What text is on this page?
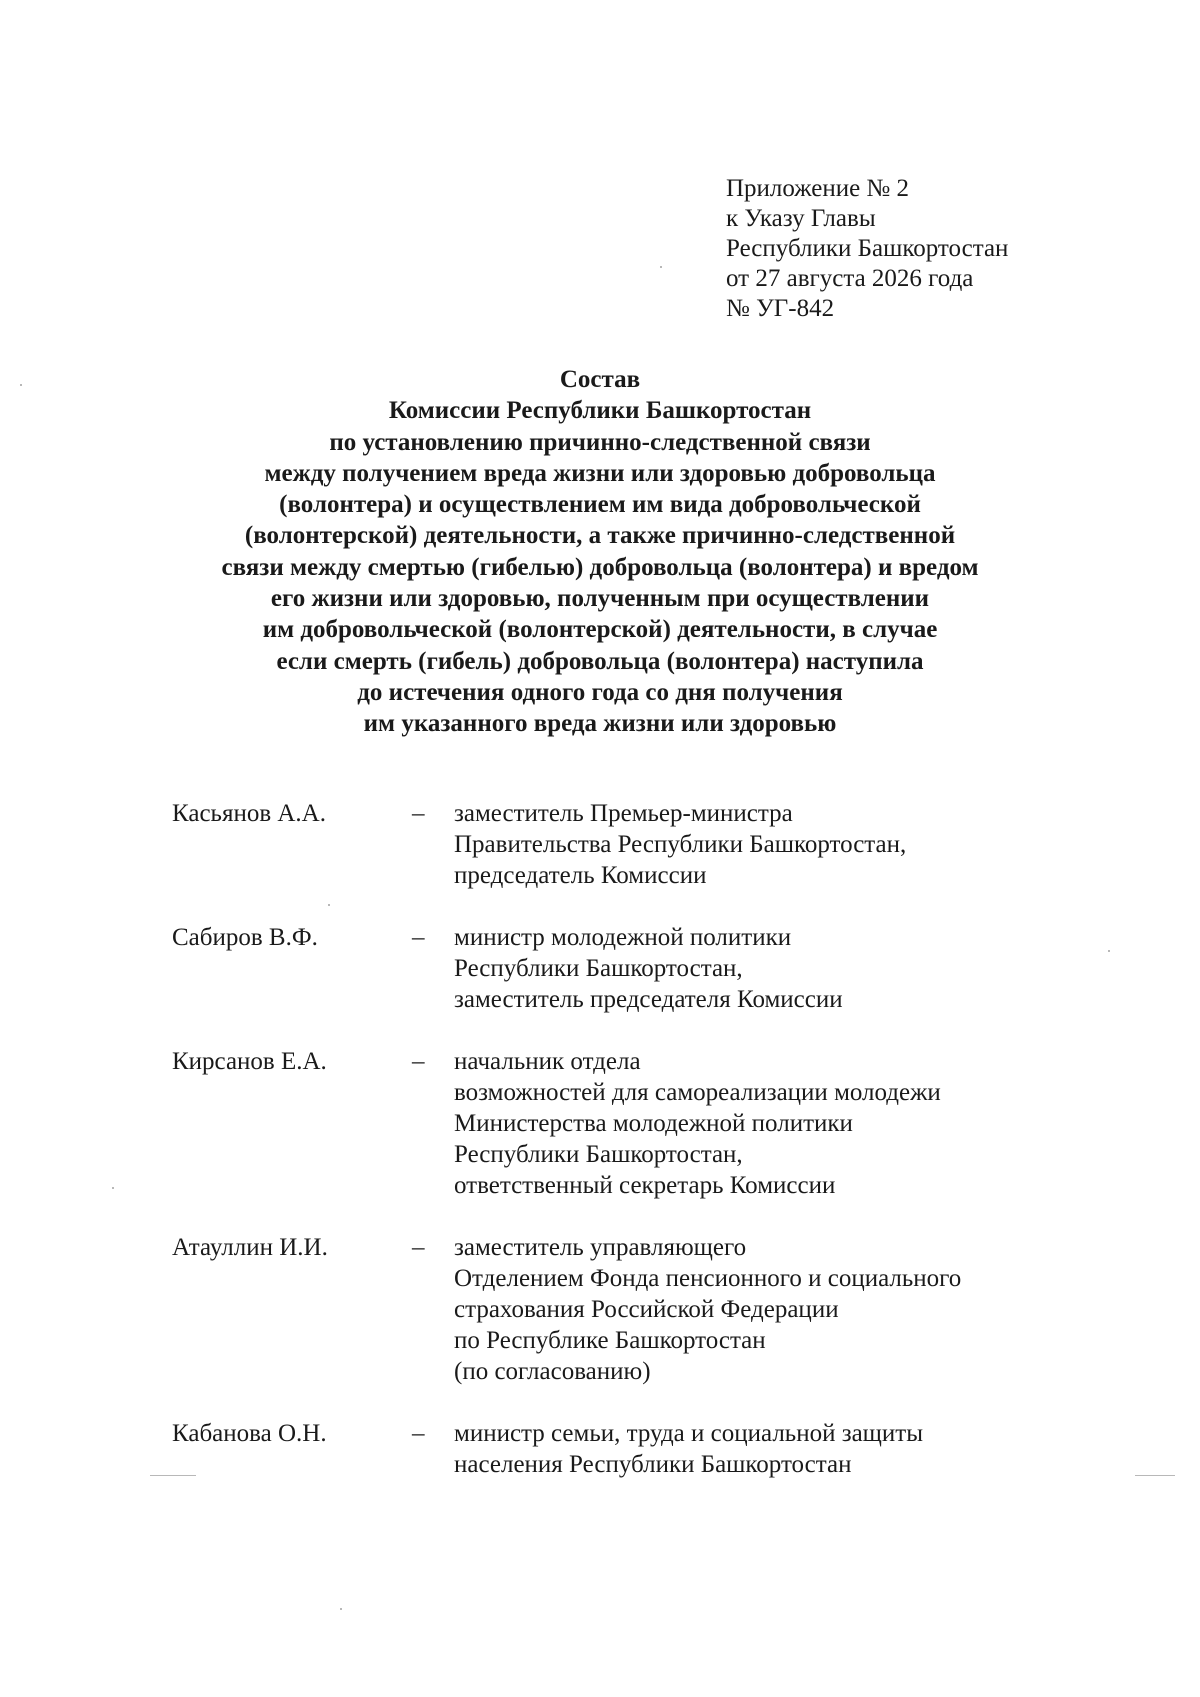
Приложение № 2
к Указу Главы
Республики Башкортостан
от 27 августа 2026 года
№ УГ-842
Состав
Комиссии Республики Башкортостан
по установлению причинно-следственной связи
между получением вреда жизни или здоровью добровольца
(волонтера) и осуществлением им вида добровольческой
(волонтерской) деятельности, а также причинно-следственной
связи между смертью (гибелью) добровольца (волонтера) и вредом
его жизни или здоровью, полученным при осуществлении
им добровольческой (волонтерской) деятельности, в случае
если смерть (гибель) добровольца (волонтера) наступила
до истечения одного года со дня получения
им указанного вреда жизни или здоровью
Касьянов А.А.	–	заместитель Премьер-министра
Правительства Республики Башкортостан,
председатель Комиссии
Сабиров В.Ф.	–	министр молодежной политики
Республики Башкортостан,
заместитель председателя Комиссии
Кирсанов Е.А.	–	начальник отдела
возможностей для самореализации молодежи
Министерства молодежной политики
Республики Башкортостан,
ответственный секретарь Комиссии
Атауллин И.И.	–	заместитель управляющего
Отделением Фонда пенсионного и социального
страхования Российской Федерации
по Республике Башкортостан
(по согласованию)
Кабанова О.Н.	–	министр семьи, труда и социальной защиты
населения Республики Башкортостан
